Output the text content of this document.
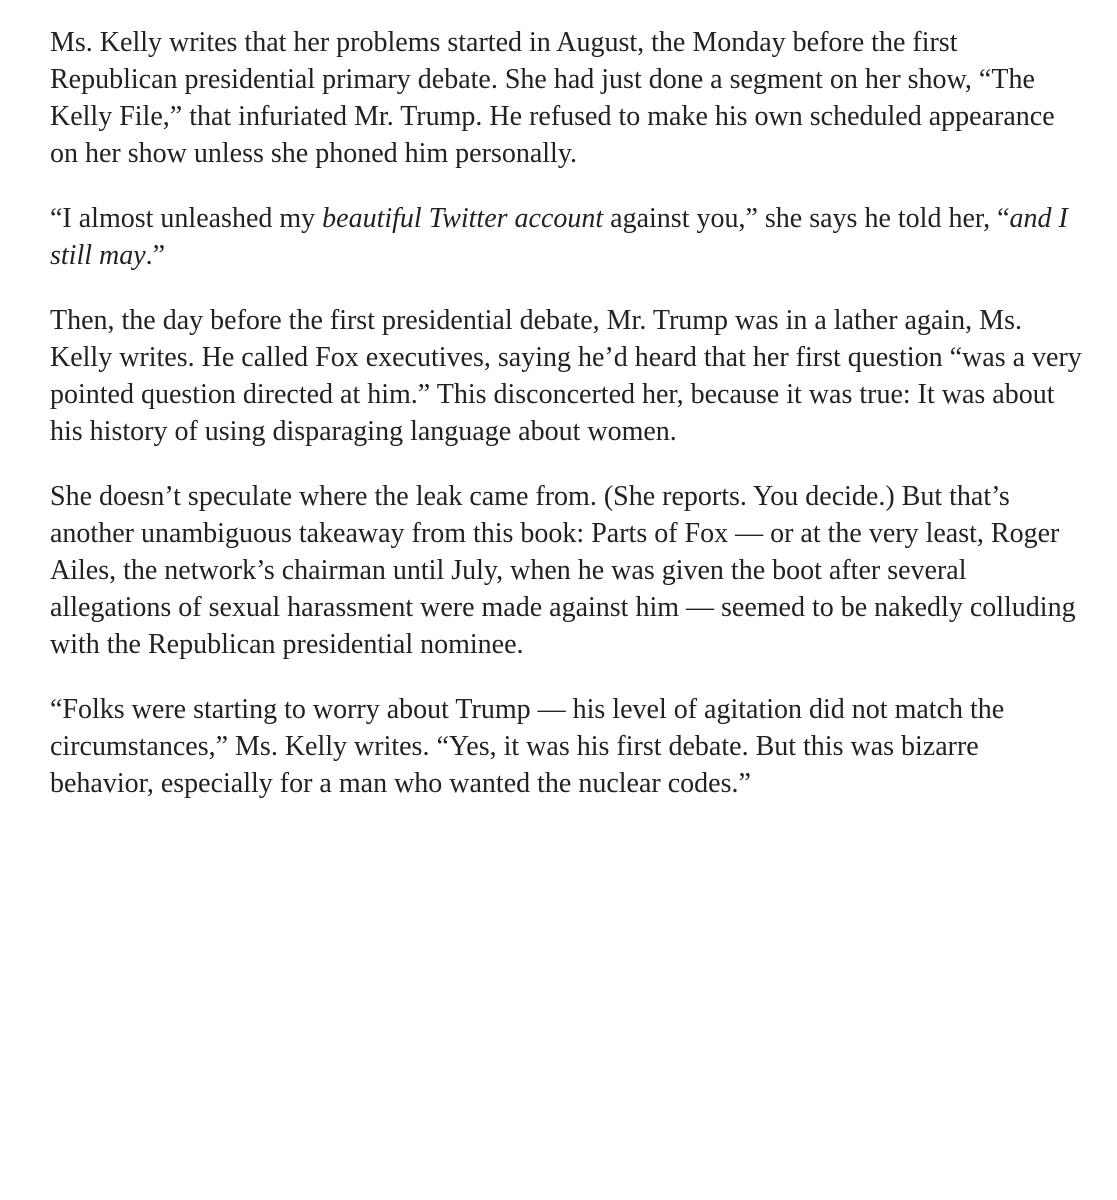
Ms. Kelly writes that her problems started in August, the Monday before the first Republican presidential primary debate. She had just done a segment on her show, “The Kelly File,” that infuriated Mr. Trump. He refused to make his own scheduled appearance on her show unless she phoned him personally.

“I almost unleashed my beautiful Twitter account against you,” she says he told her, “and I still may.”

Then, the day before the first presidential debate, Mr. Trump was in a lather again, Ms. Kelly writes. He called Fox executives, saying he’d heard that her first question “was a very pointed question directed at him.” This disconcerted her, because it was true: It was about his history of using disparaging language about women.

She doesn’t speculate where the leak came from. (She reports. You decide.) But that’s another unambiguous takeaway from this book: Parts of Fox — or at the very least, Roger Ailes, the network’s chairman until July, when he was given the boot after several allegations of sexual harassment were made against him — seemed to be nakedly colluding with the Republican presidential nominee.

“Folks were starting to worry about Trump — his level of agitation did not match the circumstances,” Ms. Kelly writes. “Yes, it was his first debate. But this was bizarre behavior, especially for a man who wanted the nuclear codes.”
